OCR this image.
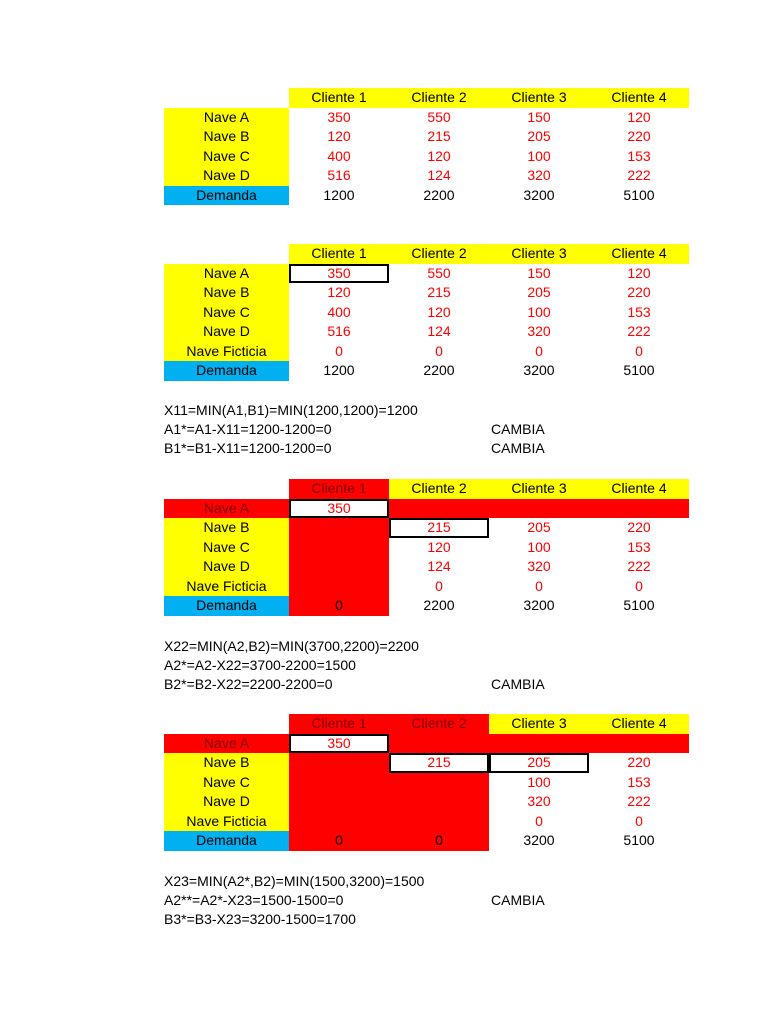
	Cliente 1	Cliente 2	Cliente 3	Cliente 4
Nave A	350	550	150	120
Nave B	120	215	205	220
Nave C	400	120	100	153
Nave D	516	124	320	222
Demanda	1200	2200	3200	5100
	Cliente 1	Cliente 2	Cliente 3	Cliente 4
Nave A	350	550	150	120
Nave B	120	215	205	220
Nave C	400	120	100	153
Nave D	516	124	320	222
Nave Ficticia	0	0	0	0
Demanda	1200	2200	3200	5100
X11=MIN(A1,B1)=MIN(1200,1200)=1200
A1*=A1-X11=1200-1200=0	CAMBIA
B1*=B1-X11=1200-1200=0	CAMBIA
	Cliente 1	Cliente 2	Cliente 3	Cliente 4
Nave A	350			
Nave B		215	205	220
Nave C		120	100	153
Nave D		124	320	222
Nave Ficticia		0	0	0
Demanda	0	2200	3200	5100
X22=MIN(A2,B2)=MIN(3700,2200)=2200
A2*=A2-X22=3700-2200=1500
B2*=B2-X22=2200-2200=0	CAMBIA
	Cliente 1	Cliente 2	Cliente 3	Cliente 4
Nave A	350			
Nave B		215	205	220
Nave C			100	153
Nave D			320	222
Nave Ficticia			0	0
Demanda	0	0	3200	5100
X23=MIN(A2*,B2)=MIN(1500,3200)=1500
A2**=A2*-X23=1500-1500=0	CAMBIA
B3*=B3-X23=3200-1500=1700
